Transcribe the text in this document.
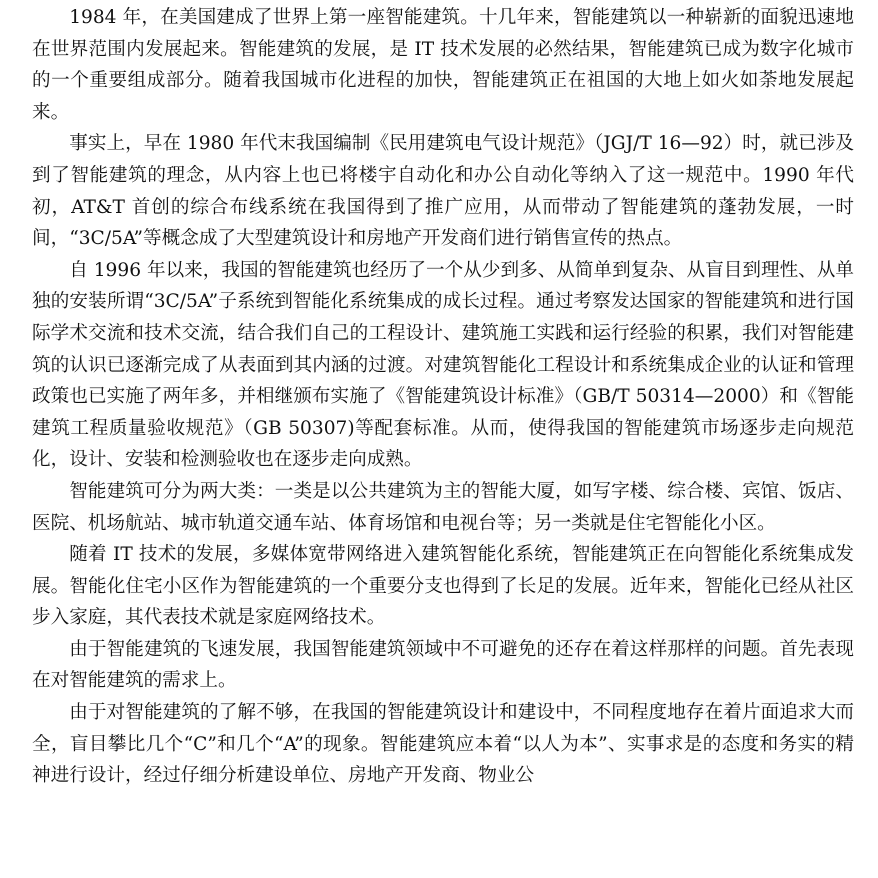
1984 年，在美国建成了世界上第一座智能建筑。十几年来，智能建筑以一种崭新的面貌迅速地在世界范围内发展起来。智能建筑的发展，是 IT 技术发展的必然结果，智能建筑已成为数字化城市的一个重要组成部分。随着我国城市化进程的加快，智能建筑正在祖国的大地上如火如荼地发展起来。

事实上，早在 1980 年代末我国编制《民用建筑电气设计规范》（JGJ/T 16—92）时，就已涉及到了智能建筑的理念，从内容上也已将楼宇自动化和办公自动化等纳入了这一规范中。1990 年代初，AT&T 首创的综合布线系统在我国得到了推广应用，从而带动了智能建筑的蓬勃发展，一时间，“3C/5A”等概念成了大型建筑设计和房地产开发商们进行销售宣传的热点。

自 1996 年以来，我国的智能建筑也经历了一个从少到多、从简单到复杂、从盲目到理性、从单独的安装所谓“3C/5A”子系统到智能化系统集成的成长过程。通过考察发达国家的智能建筑和进行国际学术交流和技术交流，结合我们自己的工程设计、建筑施工实践和运行经验的积累，我们对智能建筑的认识已逐渐完成了从表面到其内涵的过渡。对建筑智能化工程设计和系统集成企业的认证和管理政策也已实施了两年多，并相继颁布实施了《智能建筑设计标准》（GB/T 50314—2000）和《智能建筑工程质量验收规范》（GB 50307)等配套标准。从而，使得我国的智能建筑市场逐步走向规范化，设计、安装和检测验收也在逐步走向成熟。

智能建筑可分为两大类：一类是以公共建筑为主的智能大厦，如写字楼、综合楼、宾馆、饭店、医院、机场航站、城市轨道交通车站、体育场馆和电视台等；另一类就是住宅智能化小区。

随着 IT 技术的发展，多媒体宽带网络进入建筑智能化系统，智能建筑正在向智能化系统集成发展。智能化住宅小区作为智能建筑的一个重要分支也得到了长足的发展。近年来，智能化已经从社区步入家庭，其代表技术就是家庭网络技术。

由于智能建筑的飞速发展，我国智能建筑领域中不可避免的还存在着这样那样的问题。首先表现在对智能建筑的需求上。

由于对智能建筑的了解不够，在我国的智能建筑设计和建设中，不同程度地存在着片面追求大而全，盲目攀比几个“C”和几个“A”的现象。智能建筑应本着“以人为本”、实事求是的态度和务实的精神进行设计，经过仔细分析建设单位、房地产开发商、物业公
